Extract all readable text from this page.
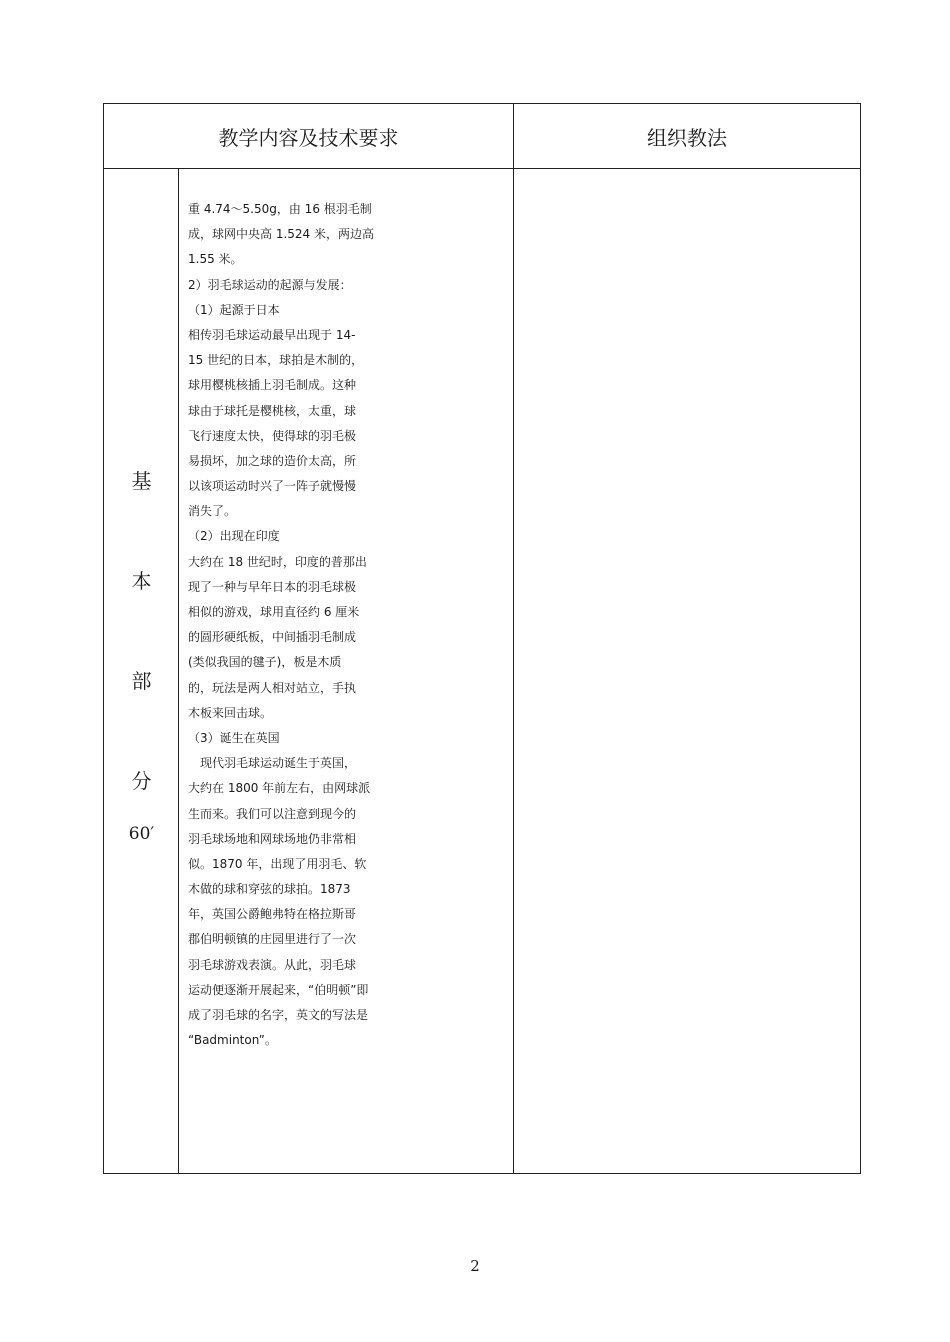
教学内容及技术要求	组织教法
基
本
部
分
60′
重 4.74～5.50g，由 16 根羽毛制
成，球网中央高 1.524 米，两边高
1.55 米。
2）羽毛球运动的起源与发展：
（1）起源于日本
相传羽毛球运动最早出现于 14-
15 世纪的日本，球拍是木制的，
球用樱桃核插上羽毛制成。这种
球由于球托是樱桃核，太重，球
飞行速度太快，使得球的羽毛极
易损坏，加之球的造价太高，所
以该项运动时兴了一阵子就慢慢
消失了。
（2）出现在印度
大约在 18 世纪时，印度的普那出
现了一种与早年日本的羽毛球极
相似的游戏，球用直径约 6 厘米
的圆形硬纸板，中间插羽毛制成
(类似我国的毽子)，板是木质
的，玩法是两人相对站立，手执
木板来回击球。
（3）诞生在英国
　现代羽毛球运动诞生于英国，
大约在 1800 年前左右，由网球派
生而来。我们可以注意到现今的
羽毛球场地和网球场地仍非常相
似。1870 年，出现了用羽毛、软
木做的球和穿弦的球拍。1873
年，英国公爵鲍弗特在格拉斯哥
郡伯明顿镇的庄园里进行了一次
羽毛球游戏表演。从此，羽毛球
运动便逐渐开展起来，“伯明顿”即
成了羽毛球的名字，英文的写法是
“Badminton”。
2
